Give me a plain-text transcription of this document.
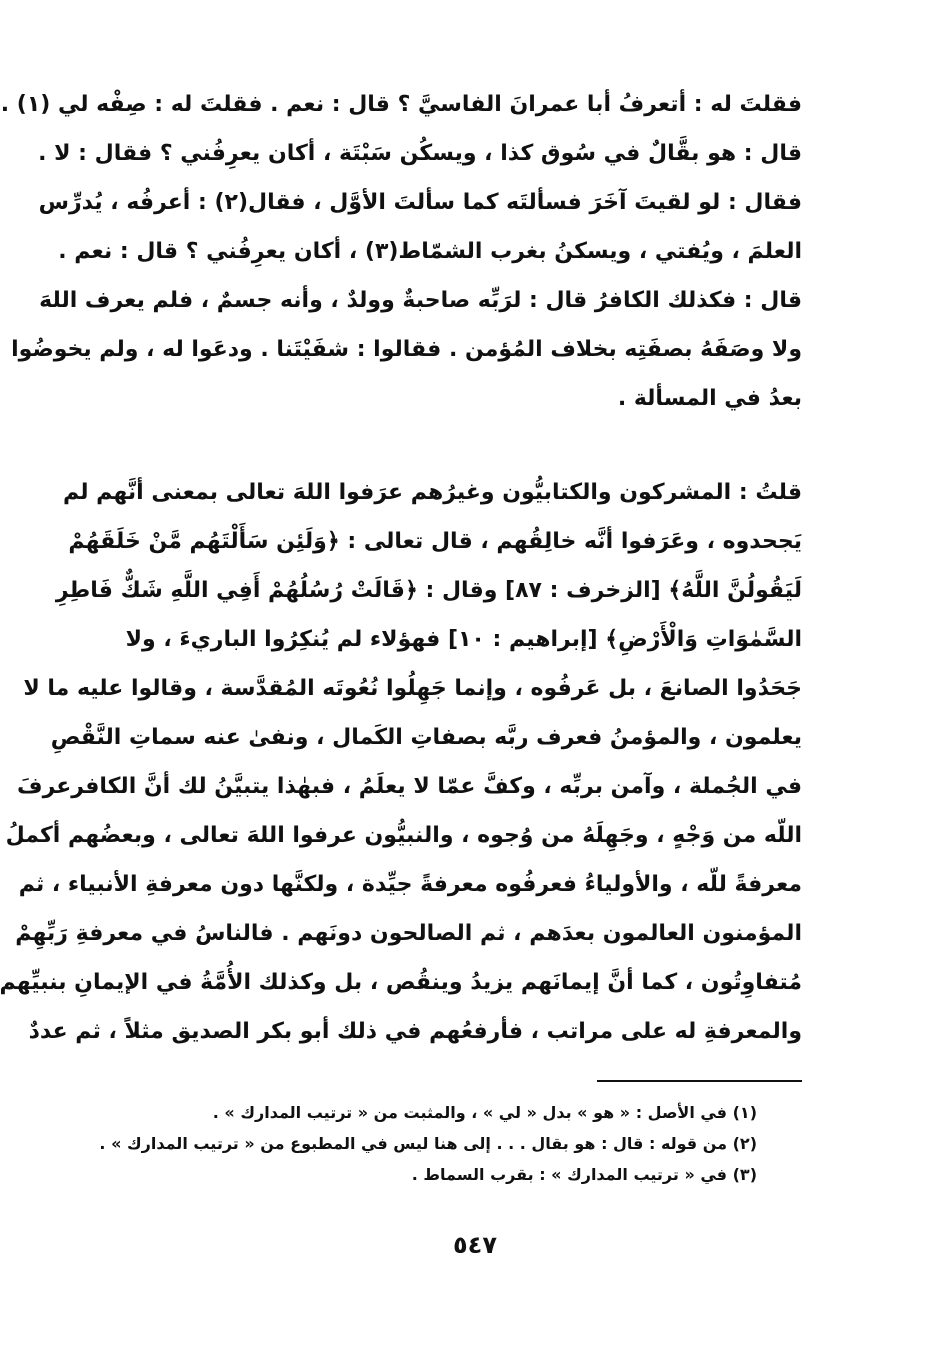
فقلتَ له : أتعرفُ أبا عمرانَ الفاسيَّ ؟ قال : نعم . فقلتَ له : صِفْه لي (١) .
قال : هو بقَّالٌ في سُوق كذا ، ويسكُن سَبْتَة ، أكان يعرِفُني ؟ فقال : لا .
فقال : لو لقيتَ آخَرَ فسألتَه كما سألتَ الأوَّل ، فقال(٢) : أعرفُه ، يُدرِّس
العلمَ ، ويُفتي ، ويسكنُ بغرب الشمّاط(٣) ، أكان يعرِفُني ؟ قال : نعم .
قال : فكذلك الكافرُ قال : لرَبِّه صاحبةٌ وولدٌ ، وأنه جسمٌ ، فلم يعرف اللهَ
ولا وصَفَهُ بصفَتِه بخلاف المُؤمن . فقالوا : شفَيْتَنا . ودعَوا له ، ولم يخوضُوا
بعدُ في المسألة .
قلتُ : المشركون والكتابيُّون وغيرُهم عرَفوا اللهَ تعالى بمعنى أنَّهم لم
يَجحدوه ، وعَرَفوا أنَّه خالِقُهم ، قال تعالى : ﴿وَلَئِن سَأَلْتَهُم مَّنْ خَلَقَهُمْ
لَيَقُولُنَّ اللَّهُ﴾ [الزخرف : ٨٧] وقال : ﴿قَالَتْ رُسُلُهُمْ أَفِي اللَّهِ شَكٌّ فَاطِرِ
السَّمٰوَاتِ وَالْأَرْضِ﴾ [إبراهيم : ١٠] فهؤلاء لم يُنكِرُوا الباريءَ ، ولا
جَحَدُوا الصانعَ ، بل عَرفُوه ، وإنما جَهِلُوا نُعُوتَه المُقدَّسة ، وقالوا عليه ما لا
يعلمون ، والمؤمنُ فعرف ربَّه بصفاتِ الكَمال ، ونفىٰ عنه سماتِ النَّقْصِ
في الجُملة ، وآمن بربِّه ، وكفَّ عمّا لا يعلَمُ ، فبهٰذا يتبيَّنُ لك أنَّ الكافرعرفَ
اللّه من وَجْهٍ ، وجَهِلَهُ من وُجوه ، والنبيُّون عرفوا اللهَ تعالى ، وبعضُهم أكملُ
معرفةً للّه ، والأولياءُ فعرفُوه معرفةً جيِّدة ، ولكنَّها دون معرفةِ الأنبياء ، ثم
المؤمنون العالمون بعدَهم ، ثم الصالحون دونَهم . فالناسُ في معرفةِ رَبِّهِمْ
مُتفاوِتُون ، كما أنَّ إيمانَهم يزيدُ وينقُص ، بل وكذلك الأُمَّةُ في الإيمانِ بنبيِّهم
والمعرفةِ له على مراتب ، فأرفعُهم في ذلك أبو بكر الصديق مثلاً ، ثم عددٌ
(١) في الأصل : « هو » بدل « لي » ، والمثبت من « ترتيب المدارك » .
(٢) من قوله : قال : هو بقال . . . إلى هنا ليس في المطبوع من « ترتيب المدارك » .
(٣) في « ترتيب المدارك » : بقرب السماط .
٥٤٧
